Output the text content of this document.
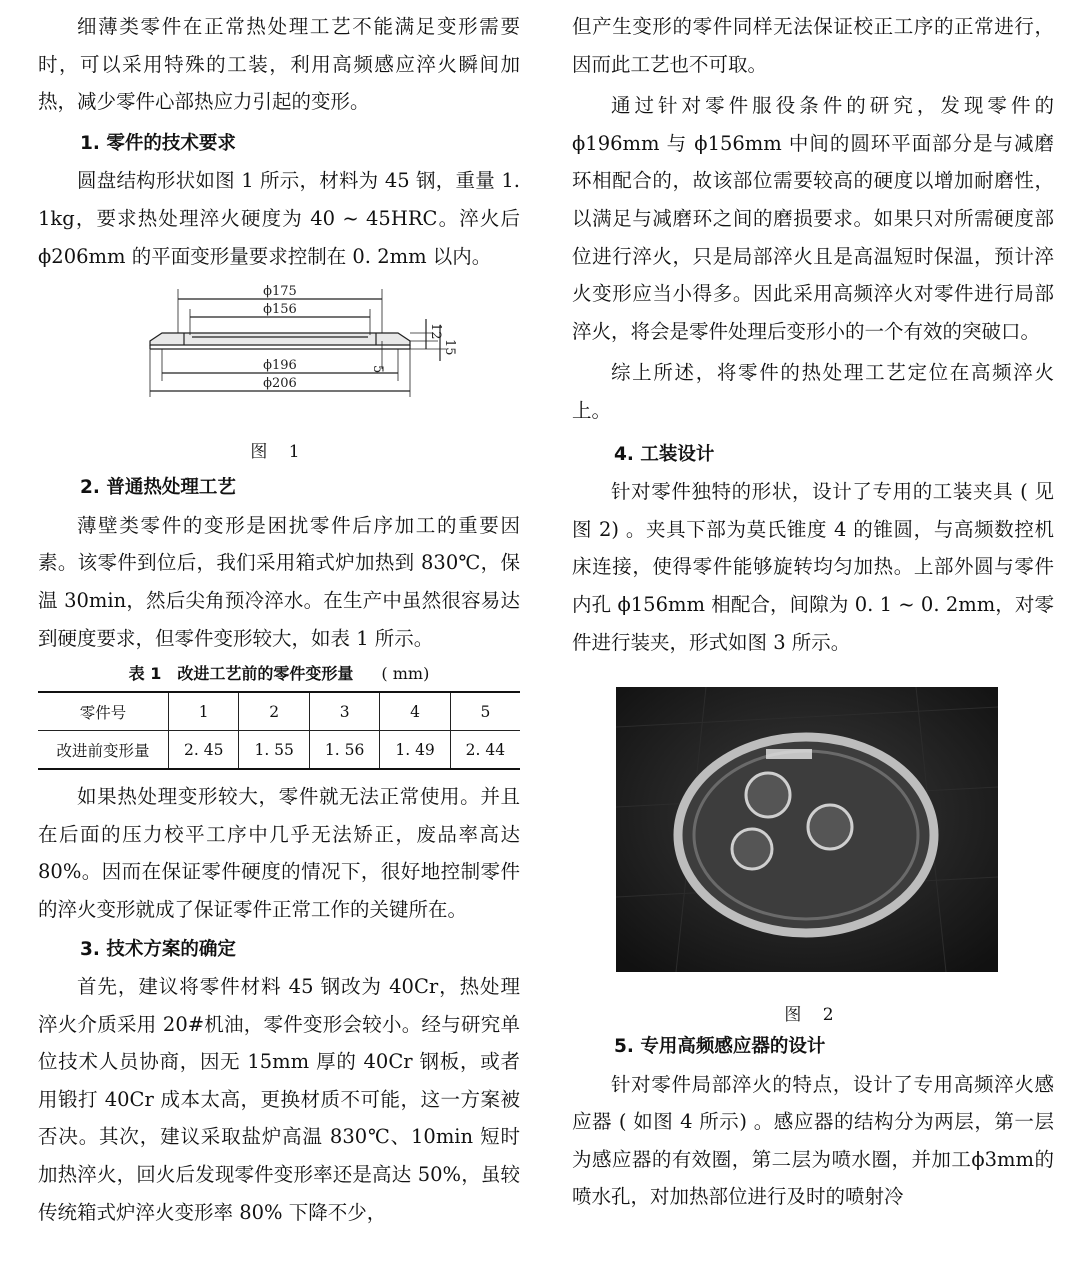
细薄类零件在正常热处理工艺不能满足变形需要时，可以采用特殊的工装，利用高频感应淬火瞬间加热，减少零件心部热应力引起的变形。

1. 零件的技术要求

圆盘结构形状如图 1 所示，材料为 45 钢，重量 1. 1kg，要求热处理淬火硬度为 40 ~ 45HRC。淬火后 ϕ206mm 的平面变形量要求控制在 0. 2mm 以内。

ϕ175
ϕ156
ϕ196
ϕ206
12
15
5
图 1
2. 普通热处理工艺

薄壁类零件的变形是困扰零件后序加工的重要因素。该零件到位后，我们采用箱式炉加热到 830℃，保温 30min，然后尖角预冷淬水。在生产中虽然很容易达到硬度要求，但零件变形较大，如表 1 所示。

表 1　改进工艺前的零件变形量 ( mm)
零件号	1	2	3	4	5
改进前变形量	2. 45	1. 55	1. 56	1. 49	2. 44

如果热处理变形较大，零件就无法正常使用。并且在后面的压力校平工序中几乎无法矫正，废品率高达 80%。因而在保证零件硬度的情况下，很好地控制零件的淬火变形就成了保证零件正常工作的关键所在。

3. 技术方案的确定

首先，建议将零件材料 45 钢改为 40Cr，热处理淬火介质采用 20#机油，零件变形会较小。经与研究单位技术人员协商，因无 15mm 厚的 40Cr 钢板，或者用锻打 40Cr 成本太高，更换材质不可能，这一方案被否决。其次，建议采取盐炉高温 830℃、10min 短时加热淬火，回火后发现零件变形率还是高达 50%，虽较传统箱式炉淬火变形率 80% 下降不少，

但产生变形的零件同样无法保证校正工序的正常进行，因而此工艺也不可取。

通过针对零件服役条件的研究，发现零件的 ϕ196mm 与 ϕ156mm 中间的圆环平面部分是与减磨环相配合的，故该部位需要较高的硬度以增加耐磨性，以满足与减磨环之间的磨损要求。如果只对所需硬度部位进行淬火，只是局部淬火且是高温短时保温，预计淬火变形应当小得多。因此采用高频淬火对零件进行局部淬火，将会是零件处理后变形小的一个有效的突破口。

综上所述，将零件的热处理工艺定位在高频淬火上。

4. 工装设计

针对零件独特的形状，设计了专用的工装夹具 ( 见图 2) 。夹具下部为莫氏锥度 4 的锥圆，与高频数控机床连接，使得零件能够旋转均匀加热。上部外圆与零件内孔 ϕ156mm 相配合，间隙为 0. 1 ~ 0. 2mm，对零件进行装夹，形式如图 3 所示。

图 2
5. 专用高频感应器的设计

针对零件局部淬火的特点，设计了专用高频淬火感应器 ( 如图 4 所示) 。感应器的结构分为两层，第一层为感应器的有效圈，第二层为喷水圈，并加工ϕ3mm的喷水孔，对加热部位进行及时的喷射冷
